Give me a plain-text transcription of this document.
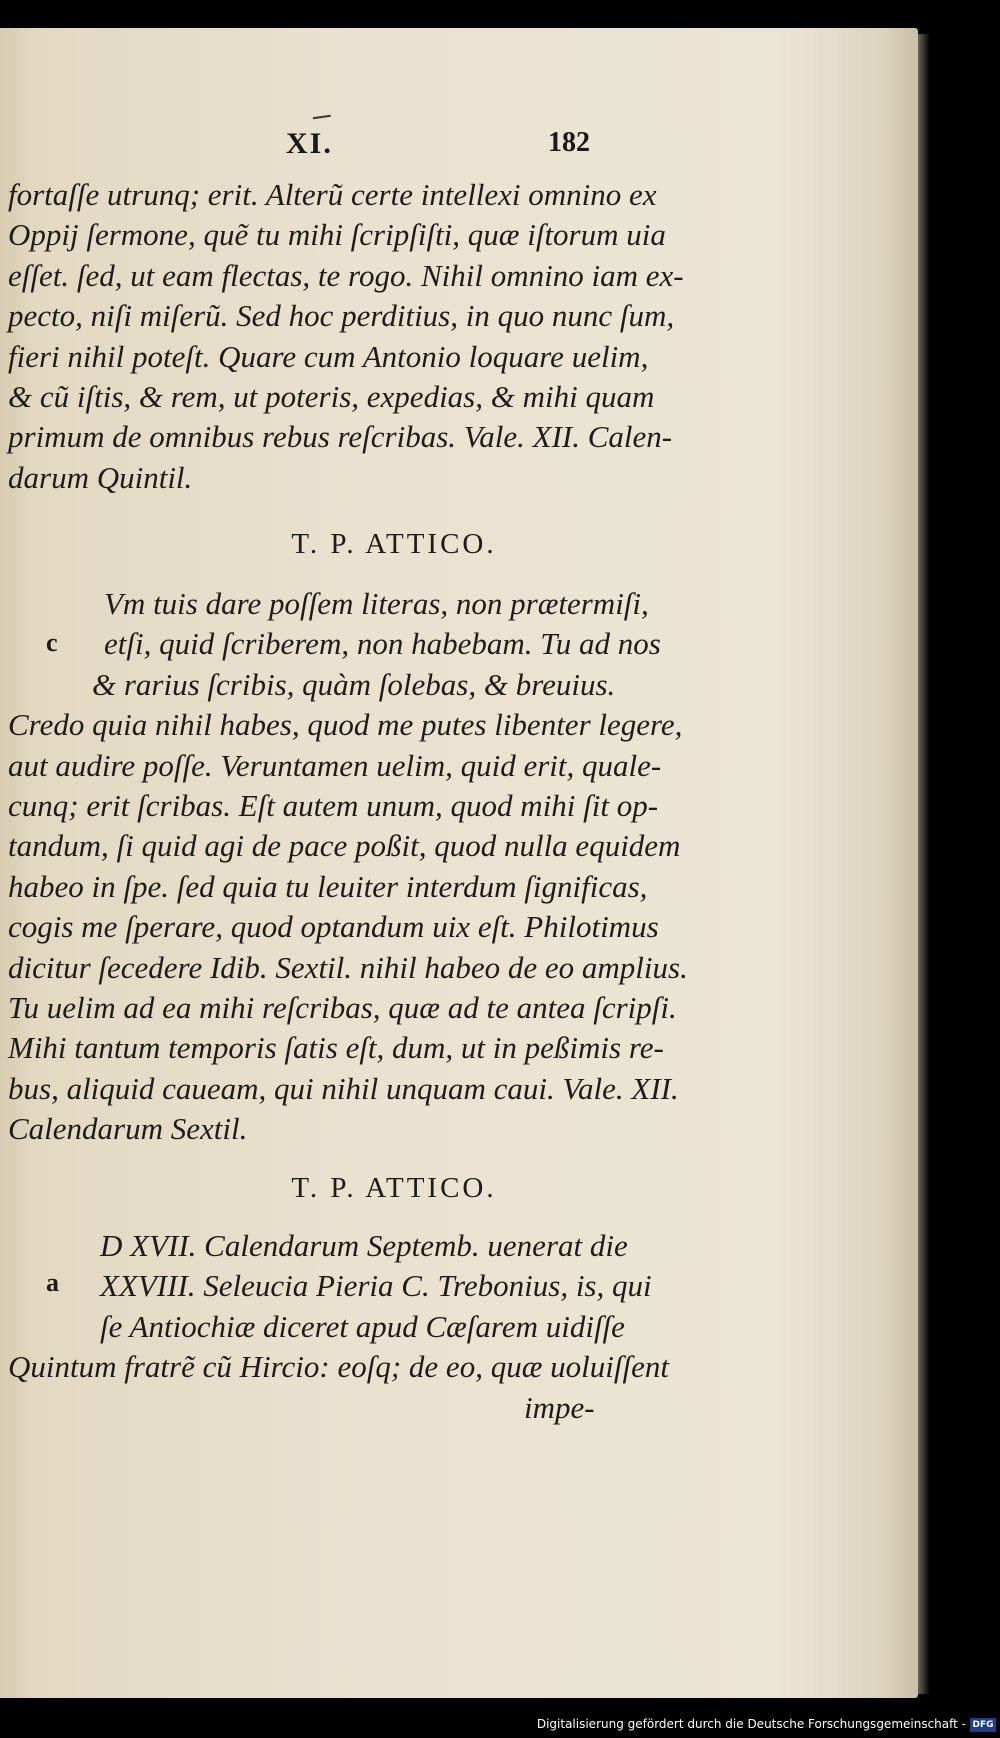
XI.	182
fortaſſe utrunq; erit. Alterũ certe intellexi omnino ex
Oppij ſermone, quẽ tu mihi ſcripſiſti, quæ iſtorum uia
eſſet. ſed, ut eam flectas, te rogo. Nihil omnino iam ex-
pecto, niſi miſerũ. Sed hoc perditius, in quo nunc ſum,
fieri nihil poteſt. Quare cum Antonio loquare uelim,
& cũ iſtis, & rem, ut poteris, expedias, & mihi quam
primum de omnibus rebus reſcribas. Vale. XII. Calen-
darum Quintil.
T. P. ATTICO.
c
Vm tuis dare poſſem literas, non prætermiſi,
etſi, quid ſcriberem, non habebam. Tu ad nos
& rarius ſcribis, quàm ſolebas, & breuius.
Credo quia nihil habes, quod me putes libenter legere,
aut audire poſſe. Veruntamen uelim, quid erit, quale-
cunq; erit ſcribas. Eſt autem unum, quod mihi ſit op-
tandum, ſi quid agi de pace poßit, quod nulla equidem
habeo in ſpe. ſed quia tu leuiter interdum ſignificas,
cogis me ſperare, quod optandum uix eſt. Philotimus
dicitur ſecedere Idib. Sextil. nihil habeo de eo amplius.
Tu uelim ad ea mihi reſcribas, quæ ad te antea ſcripſi.
Mihi tantum temporis ſatis eſt, dum, ut in peßimis re-
bus, aliquid caueam, qui nihil unquam caui. Vale. XII.
Calendarum Sextil.
T. P. ATTICO.
a
D XVII. Calendarum Septemb. uenerat die
XXVIII. Seleucia Pieria C. Trebonius, is, qui
ſe Antiochiæ diceret apud Cæſarem uidiſſe
Quintum fratrẽ cũ Hircio: eoſq; de eo, quæ uoluiſſent
impe-
Digitalisierung gefördert durch die Deutsche Forschungsgemeinschaft - DFG
